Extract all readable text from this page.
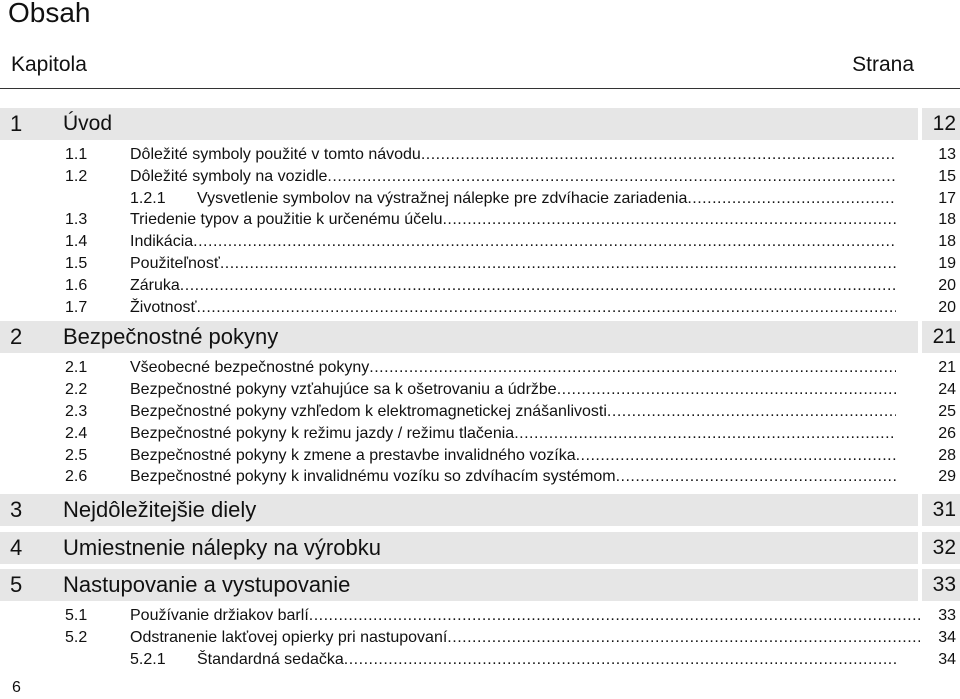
Obsah
Kapitola	Strana
1 Úvod	12
1.1	Dôležité symboly použité v tomto návodu .....	13
1.2	Dôležité symboly na vozidle .....	15
1.2.1 Vysvetlenie symbolov na výstražnej nálepke pre zdvíhacie zariadenia .....	17
1.3	Triedenie typov a použitie k určenému účelu .....	18
1.4	Indikácia .....	18
1.5	Použiteľnosť .....	19
1.6	Záruka .....	20
1.7	Životnosť .....	20
2 Bezpečnostné pokyny	21
2.1	Všeobecné bezpečnostné pokyny .....	21
2.2	Bezpečnostné pokyny vzťahujúce sa k ošetrovaniu a údržbe .....	24
2.3	Bezpečnostné pokyny vzhľedom k elektromagnetickej znášanlivosti .....	25
2.4	Bezpečnostné pokyny k režimu jazdy / režimu tlačenia .....	26
2.5	Bezpečnostné pokyny k zmene a prestavbe invalidného vozíka .....	28
2.6	Bezpečnostné pokyny k invalidnému vozíku so zdvíhacím systémom .....	29
3 Nejdôležitejšie diely	31
4 Umiestnenie nálepky na výrobku	32
5 Nastupovanie a vystupovanie	33
5.1	Používanie držiakov barlí .....	33
5.2	Odstranenie lakťovej opierky pri nastupovaní .....	34
5.2.1 Štandardná sedačka .....	34
6
